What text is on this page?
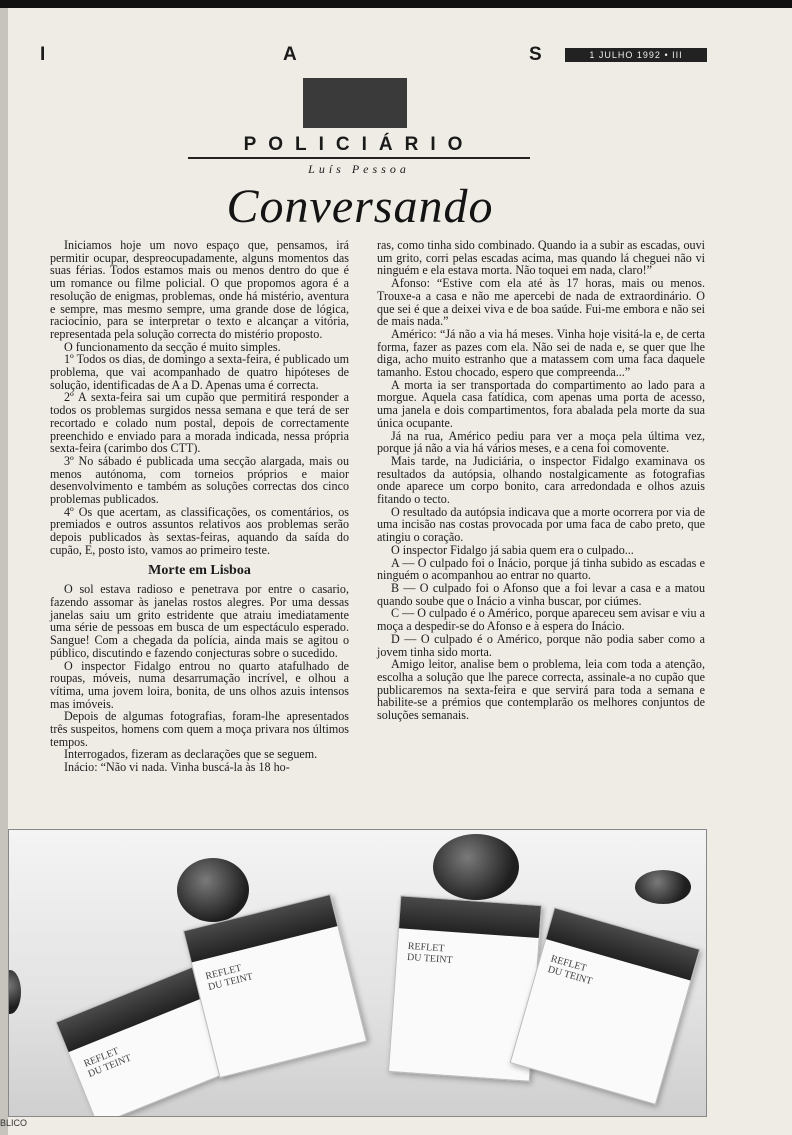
I	A	S	1 JULHO 1992 • III
POLICIÁRIO
Luís Pessoa
Conversando

Iniciamos hoje um novo espaço que, pensamos, irá permitir ocupar, despreocupadamente, alguns momentos das suas férias. Todos estamos mais ou menos dentro do que é um romance ou filme policial. O que propomos agora é a resolução de enigmas, problemas, onde há mistério, aventura e sempre, mas mesmo sempre, uma grande dose de lógica, raciocínio, para se interpretar o texto e alcançar a vitória, representada pela solução correcta do mistério proposto.

O funcionamento da secção é muito simples.

1º Todos os dias, de domingo a sexta-feira, é publicado um problema, que vai acompanhado de quatro hipóteses de solução, identificadas de A a D. Apenas uma é correcta.

2º A sexta-feira sai um cupão que permitirá responder a todos os problemas surgidos nessa semana e que terá de ser recortado e colado num postal, depois de correctamente preenchido e enviado para a morada indicada, nessa própria sexta-feira (carimbo dos CTT).

3º No sábado é publicada uma secção alargada, mais ou menos autónoma, com torneios próprios e maior desenvolvimento e também as soluções correctas dos cinco problemas publicados.

4º Os que acertam, as classificações, os comentários, os premiados e outros assuntos relativos aos problemas serão depois publicados às sextas-feiras, aquando da saída do cupão, E, posto isto, vamos ao primeiro teste.

Morte em Lisboa

O sol estava radioso e penetrava por entre o casario, fazendo assomar às janelas rostos alegres. Por uma dessas janelas saiu um grito estridente que atraiu imediatamente uma série de pessoas em busca de um espectáculo esperado. Sangue! Com a chegada da polícia, ainda mais se agitou o público, discutindo e fazendo conjecturas sobre o sucedido.

O inspector Fidalgo entrou no quarto atafulhado de roupas, móveis, numa desarrumação incrível, e olhou a vítima, uma jovem loira, bonita, de uns olhos azuis intensos mas imóveis.

Depois de algumas fotografias, foram-lhe apresentados três suspeitos, homens com quem a moça privara nos últimos tempos.

Interrogados, fizeram as declarações que se seguem.

Inácio: “Não vi nada. Vinha buscá-la às 18 ho-

ras, como tinha sido combinado. Quando ia a subir as escadas, ouvi um grito, corri pelas escadas acima, mas quando lá cheguei não vi ninguém e ela estava morta. Não toquei em nada, claro!”

Afonso: “Estive com ela até às 17 horas, mais ou menos. Trouxe-a a casa e não me apercebi de nada de extraordinário. O que sei é que a deixei viva e de boa saúde. Fui-me embora e não sei de mais nada.”

Américo: “Já não a via há meses. Vinha hoje visitá-la e, de certa forma, fazer as pazes com ela. Não sei de nada e, se quer que lhe diga, acho muito estranho que a matassem com uma faca daquele tamanho. Estou chocado, espero que compreenda...”

A morta ia ser transportada do compartimento ao lado para a morgue. Aquela casa fatídica, com apenas uma porta de acesso, uma janela e dois compartimentos, fora abalada pela morte da sua única ocupante.

Já na rua, Américo pediu para ver a moça pela última vez, porque já não a via há vários meses, e a cena foi comovente.

Mais tarde, na Judiciária, o inspector Fidalgo examinava os resultados da autópsia, olhando nostalgicamente as fotografias onde aparece um corpo bonito, cara arredondada e olhos azuis fitando o tecto.

O resultado da autópsia indicava que a morte ocorrera por via de uma incisão nas costas provocada por uma faca de cabo preto, que atingiu o coração.

O inspector Fidalgo já sabia quem era o culpado...

A — O culpado foi o Inácio, porque já tinha subido as escadas e ninguém o acompanhou ao entrar no quarto.

B — O culpado foi o Afonso que a foi levar a casa e a matou quando soube que o Inácio a vinha buscar, por ciúmes.

C — O culpado é o Américo, porque apareceu sem avisar e viu a moça a despedir-se do Afonso e à espera do Inácio.

D — O culpado é o Américo, porque não podia saber como a jovem tinha sido morta.

Amigo leitor, analise bem o problema, leia com toda a atenção, escolha a solução que lhe parece correcta, assinale-a no cupão que publicaremos na sexta-feira e que servirá para toda a semana e habilite-se a prémios que contemplarão os melhores conjuntos de soluções semanais.

REFLET
DU TEINT
REFLET
DU TEINT
REFLET
DU TEINT	REFLET
DU TEINT
BLICO
